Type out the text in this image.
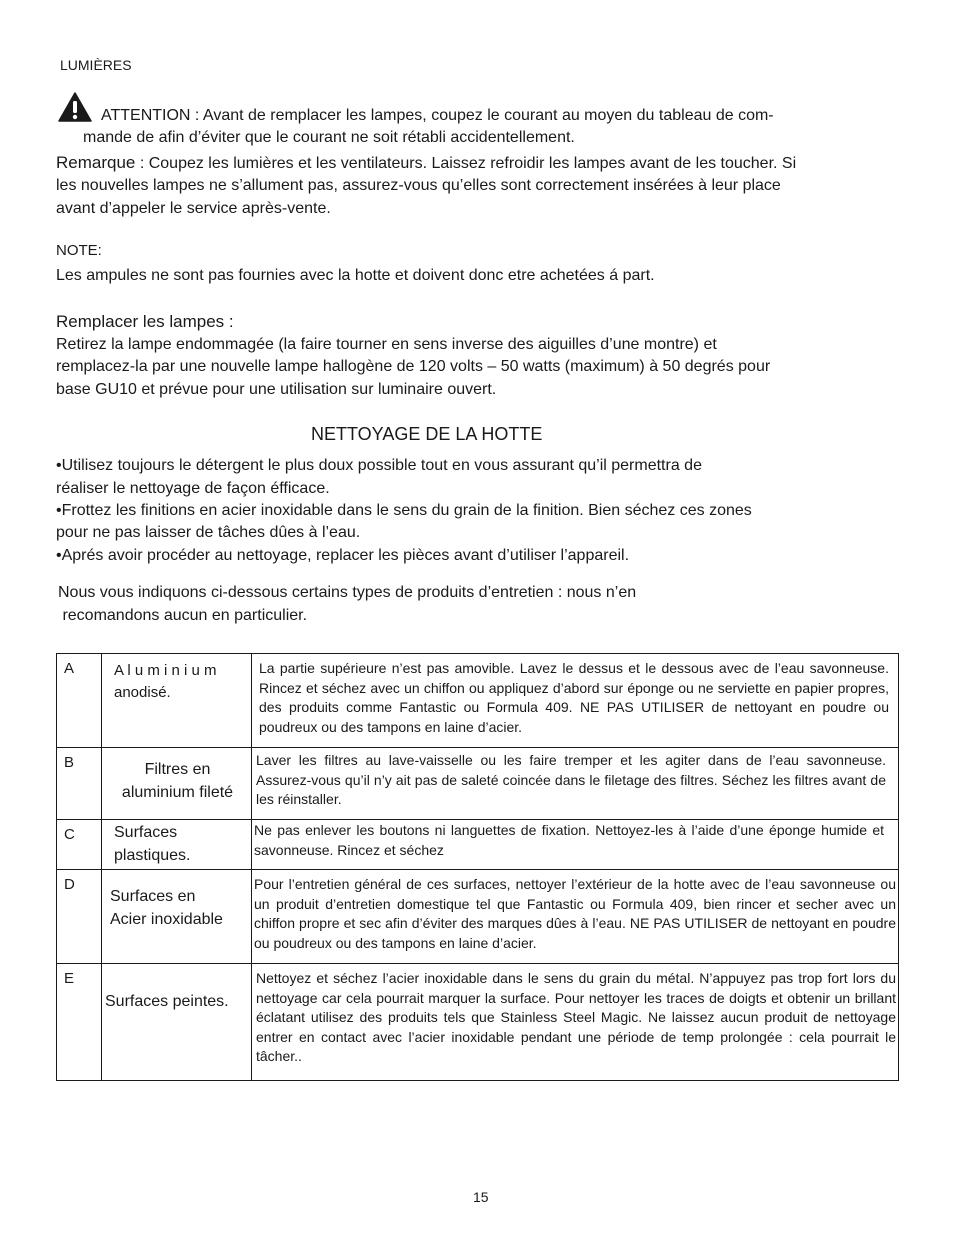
LUMIÈRES
ATTENTION : Avant de remplacer les lampes, coupez le courant au moyen du tableau de com-
mande de afin d’éviter que le courant ne soit rétabli accidentellement.
Remarque : Coupez les lumières et les ventilateurs. Laissez refroidir les lampes avant de les toucher. Si
les nouvelles lampes ne s’allument pas, assurez-vous qu’elles sont correctement insérées à leur place
avant d’appeler le service après-vente.
NOTE:
Les ampules ne sont pas fournies avec la hotte et doivent donc etre achetées á part.
Remplacer les lampes :
Retirez la lampe endommagée (la faire tourner en sens inverse des aiguilles d’une montre) et
remplacez-la par une nouvelle lampe hallogène de 120 volts – 50 watts (maximum) à 50 degrés pour
base GU10 et prévue pour une utilisation sur luminaire ouvert.
NETTOYAGE DE LA HOTTE
•Utilisez toujours le détergent le plus doux possible tout en vous assurant qu’il permettra de
réaliser le nettoyage de façon éfficace.
•Frottez les finitions en acier inoxidable dans le sens du grain de la finition. Bien séchez ces zones
pour ne pas laisser de tâches dûes à l’eau.
•Aprés avoir procéder au nettoyage, replacer les pièces avant d’utiliser l’appareil.
Nous vous indiquons ci-dessous certains types de produits d’entretien : nous n’en
recomandons aucun en particulier.
A	A l u m i n i u m
anodisé.	La partie supérieure n’est pas amovible. Lavez le dessus et le dessous avec de l’eau savonneuse. Rincez et séchez avec un chiffon ou appliquez d’abord sur éponge ou ne serviette en papier propres, des produits comme Fantastic ou Formula 409. NE PAS UTILISER de nettoyant en poudre ou poudreux ou des tampons en laine d’acier.

B	Filtres en
aluminium fileté	Laver les filtres au lave-vaisselle ou les faire tremper et les agiter dans de l’eau savonneuse. Assurez-vous qu’il n’y ait pas de saleté coincée dans le filetage des filtres. Séchez les filtres avant de les réinstaller.

C	Surfaces
plastiques.	Ne pas enlever les boutons ni languettes de fixation. Nettoyez-les à l’aide d’une éponge humide et savonneuse. Rincez et séchez

D	Surfaces en
Acier inoxidable	Pour l’entretien général de ces surfaces, nettoyer l’extérieur de la hotte avec de l’eau savonneuse ou un produit d’entretien domestique tel que Fantastic ou Formula 409, bien rincer et secher avec un chiffon propre et sec afin d’éviter des marques dûes à l’eau. NE PAS UTILISER de nettoyant en poudre ou poudreux ou des tampons en laine d’acier.

E	Surfaces peintes.	Nettoyez et séchez l’acier inoxidable dans le sens du grain du métal. N’appuyez pas trop fort lors du nettoyage car cela pourrait marquer la surface. Pour nettoyer les traces de doigts et obtenir un brillant éclatant utilisez des produits tels que Stainless Steel Magic. Ne laissez aucun produit de nettoyage entrer en contact avec l’acier inoxidable pendant une période de temp prolongée : cela pourrait le tâcher..
15
